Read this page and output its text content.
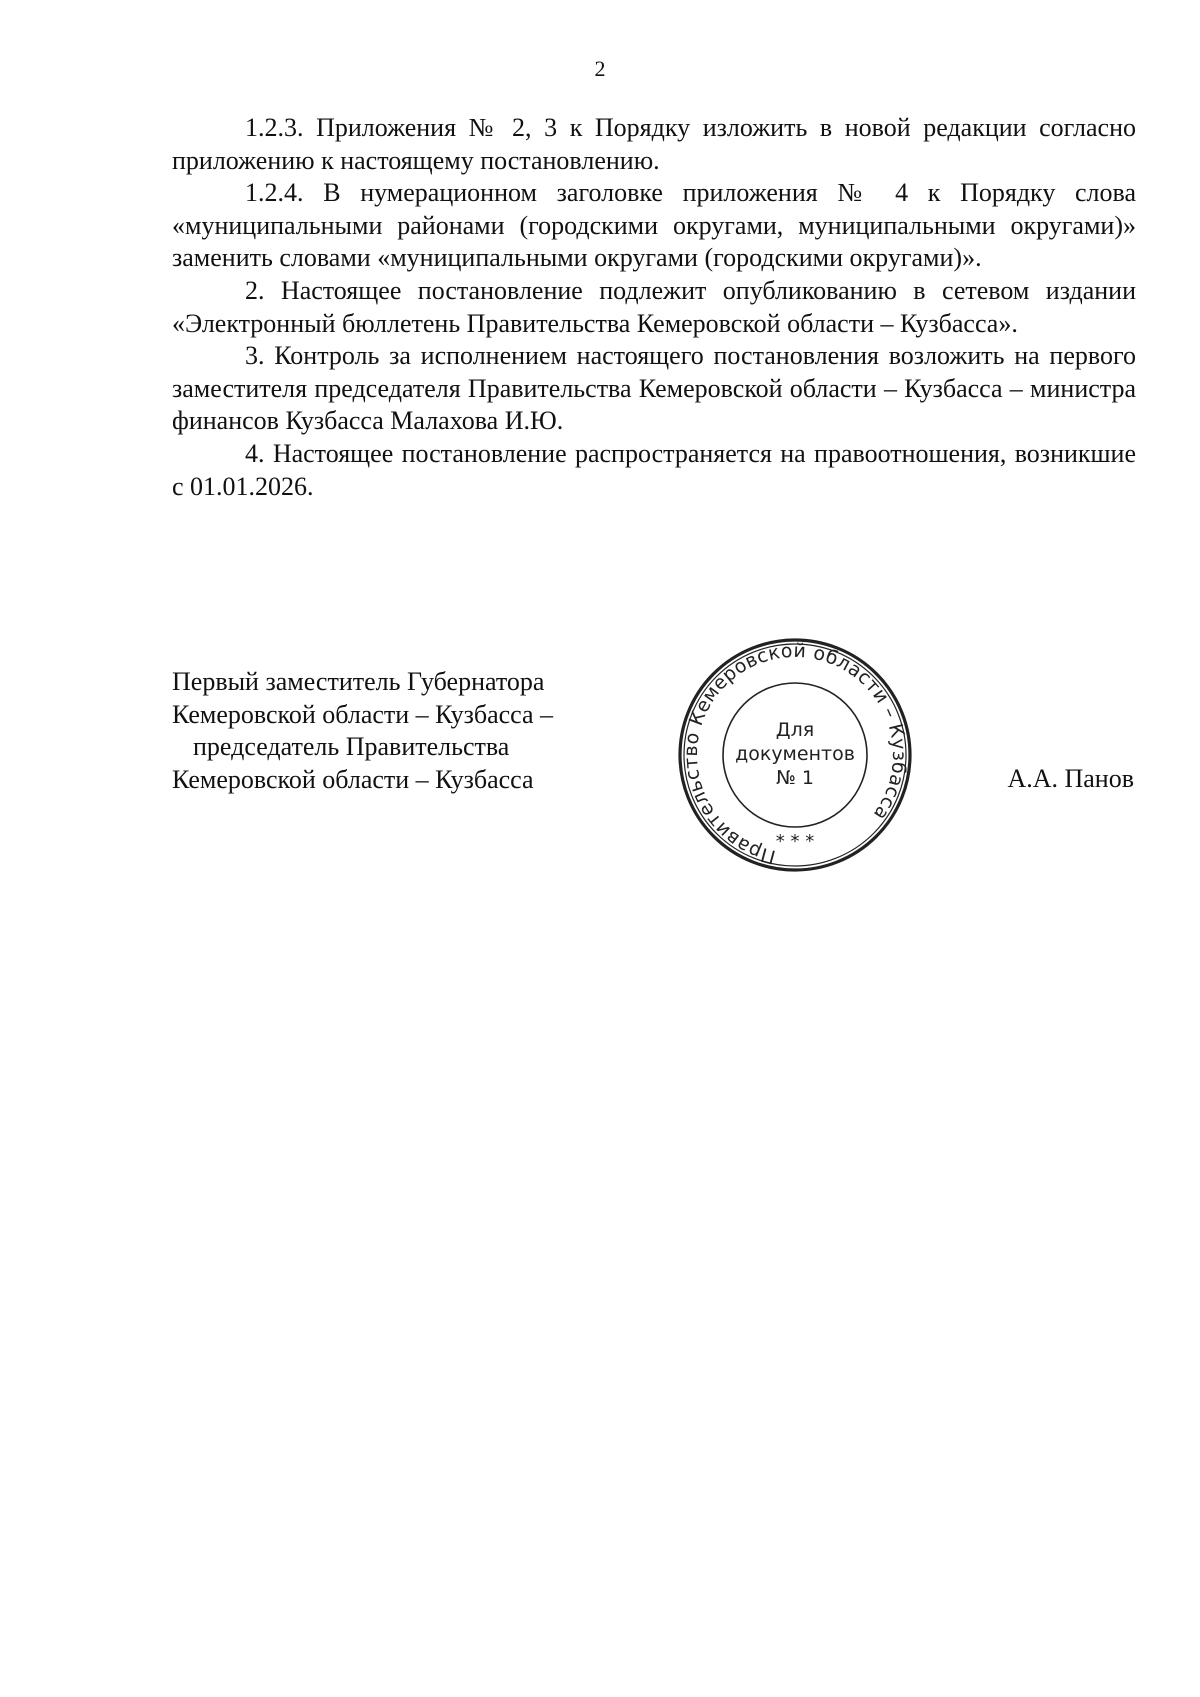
2

1.2.3. Приложения № 2, 3 к Порядку изложить в новой редакции согласно приложению к настоящему постановлению.

1.2.4. В нумерационном заголовке приложения № 4 к Порядку слова «муниципальными районами (городскими округами, муниципальными округами)» заменить словами «муниципальными округами (городскими округами)».

2. Настоящее постановление подлежит опубликованию в сетевом издании «Электронный бюллетень Правительства Кемеровской области – Кузбасса».

3. Контроль за исполнением настоящего постановления возложить на первого заместителя председателя Правительства Кемеровской области – Кузбасса – министра финансов Кузбасса Малахова И.Ю.

4. Настоящее постановление распространяется на правоотношения, возникшие с 01.01.2026.

Первый заместитель Губернатора
Кемеровской области – Кузбасса –
председатель Правительства
Кемеровской области – Кузбасса	А.А. Панов
Правительство Кемеровской области – Кузбасса
* * *
Для
документов
№ 1
